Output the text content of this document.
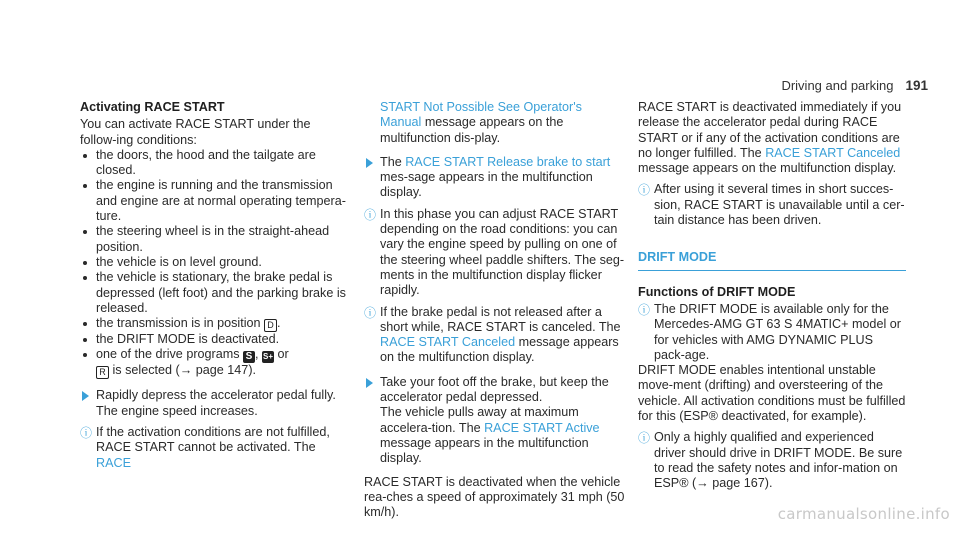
Driving and parking 191

Activating RACE START

You can activate RACE START under the follow-ing conditions:

the doors, the hood and the tailgate are closed.
the engine is running and the transmission and engine are at normal operating tempera-ture.
the steering wheel is in the straight-ahead position.
the vehicle is on level ground.
the vehicle is stationary, the brake pedal is depressed (left foot) and the parking brake is released.
the transmission is in position D .
the DRIFT MODE is deactivated.
one of the drive programs S , S+ or
R is selected (→ page 147).

Rapidly depress the accelerator pedal fully.

The engine speed increases.

ⓘ If the activation conditions are not fulfilled, RACE START cannot be activated. The RACE
START Not Possible See Operator's Manual message appears on the multifunction dis-play.
The RACE START Release brake to start mes-sage appears in the multifunction display.
ⓘ In this phase you can adjust RACE START depending on the road conditions: you can vary the engine speed by pulling on one of the steering wheel paddle shifters. The seg-ments in the multifunction display flicker rapidly.
ⓘ If the brake pedal is not released after a short while, RACE START is canceled. The RACE START Canceled message appears on the multifunction display.

Take your foot off the brake, but keep the accelerator pedal depressed.

The vehicle pulls away at maximum accelera-tion. The RACE START Active message appears in the multifunction display.

RACE START is deactivated when the vehicle rea-ches a speed of approximately 31 mph (50 km/h).

RACE START is deactivated immediately if you release the accelerator pedal during RACE START or if any of the activation conditions are no longer fulfilled. The RACE START Canceled message appears on the multifunction display.

ⓘ After using it several times in short succes-sion, RACE START is unavailable until a cer-tain distance has been driven.
DRIFT MODE

Functions of DRIFT MODE

ⓘ The DRIFT MODE is available only for the Mercedes-AMG GT 63 S 4MATIC+ model or for vehicles with AMG DYNAMIC PLUS pack-age.

DRIFT MODE enables intentional unstable move-ment (drifting) and oversteering of the vehicle. All activation conditions must be fulfilled for this (ESP® deactivated, for example).

ⓘ Only a highly qualified and experienced driver should drive in DRIFT MODE. Be sure to read the safety notes and infor-mation on ESP® (→ page 167).
carmanualsonline.info
